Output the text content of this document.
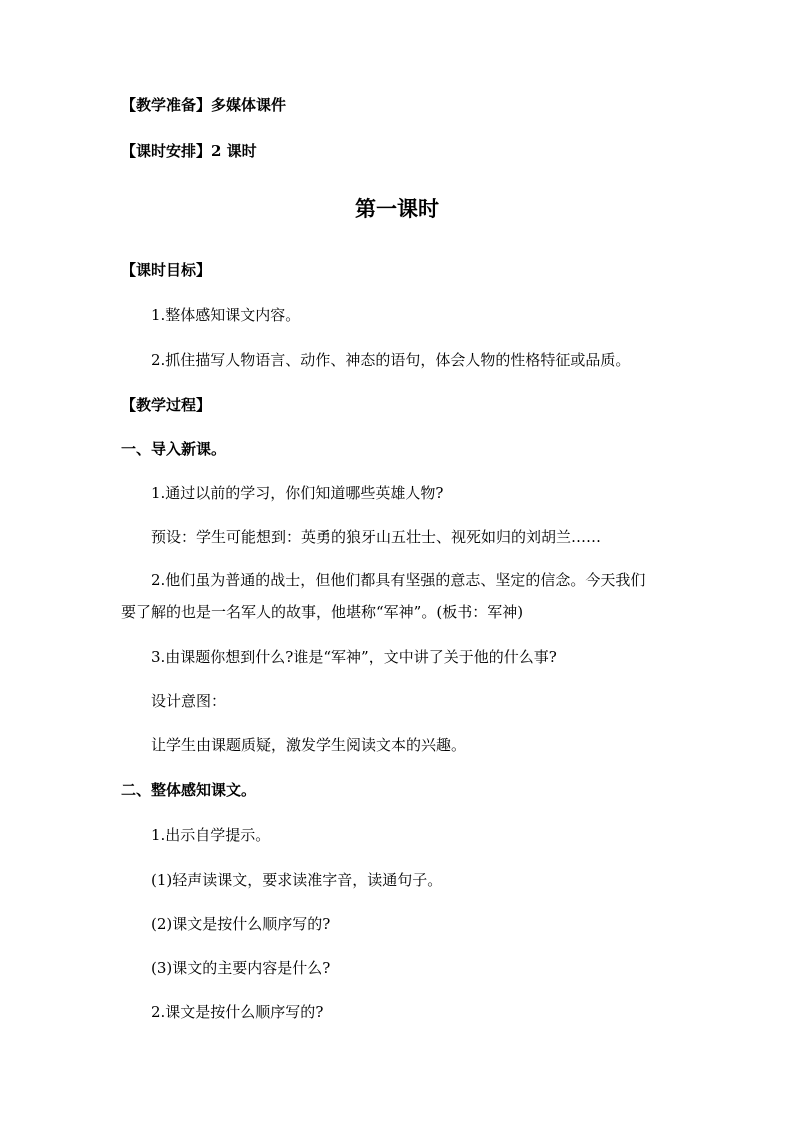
【教学准备】多媒体课件
【课时安排】2 课时
第一课时
【课时目标】
1.整体感知课文内容。
2.抓住描写人物语言、动作、神态的语句，体会人物的性格特征或品质。
【教学过程】
一、导入新课。
1.通过以前的学习，你们知道哪些英雄人物?
预设：学生可能想到：英勇的狼牙山五壮士、视死如归的刘胡兰……
2.他们虽为普通的战士，但他们都具有坚强的意志、坚定的信念。今天我们
要了解的也是一名军人的故事，他堪称“军神”。(板书：军神)
3.由课题你想到什么?谁是“军神”，文中讲了关于他的什么事?
设计意图：
让学生由课题质疑，激发学生阅读文本的兴趣。
二、整体感知课文。
1.出示自学提示。
(1)轻声读课文，要求读准字音，读通句子。
(2)课文是按什么顺序写的?
(3)课文的主要内容是什么?
2.课文是按什么顺序写的?
